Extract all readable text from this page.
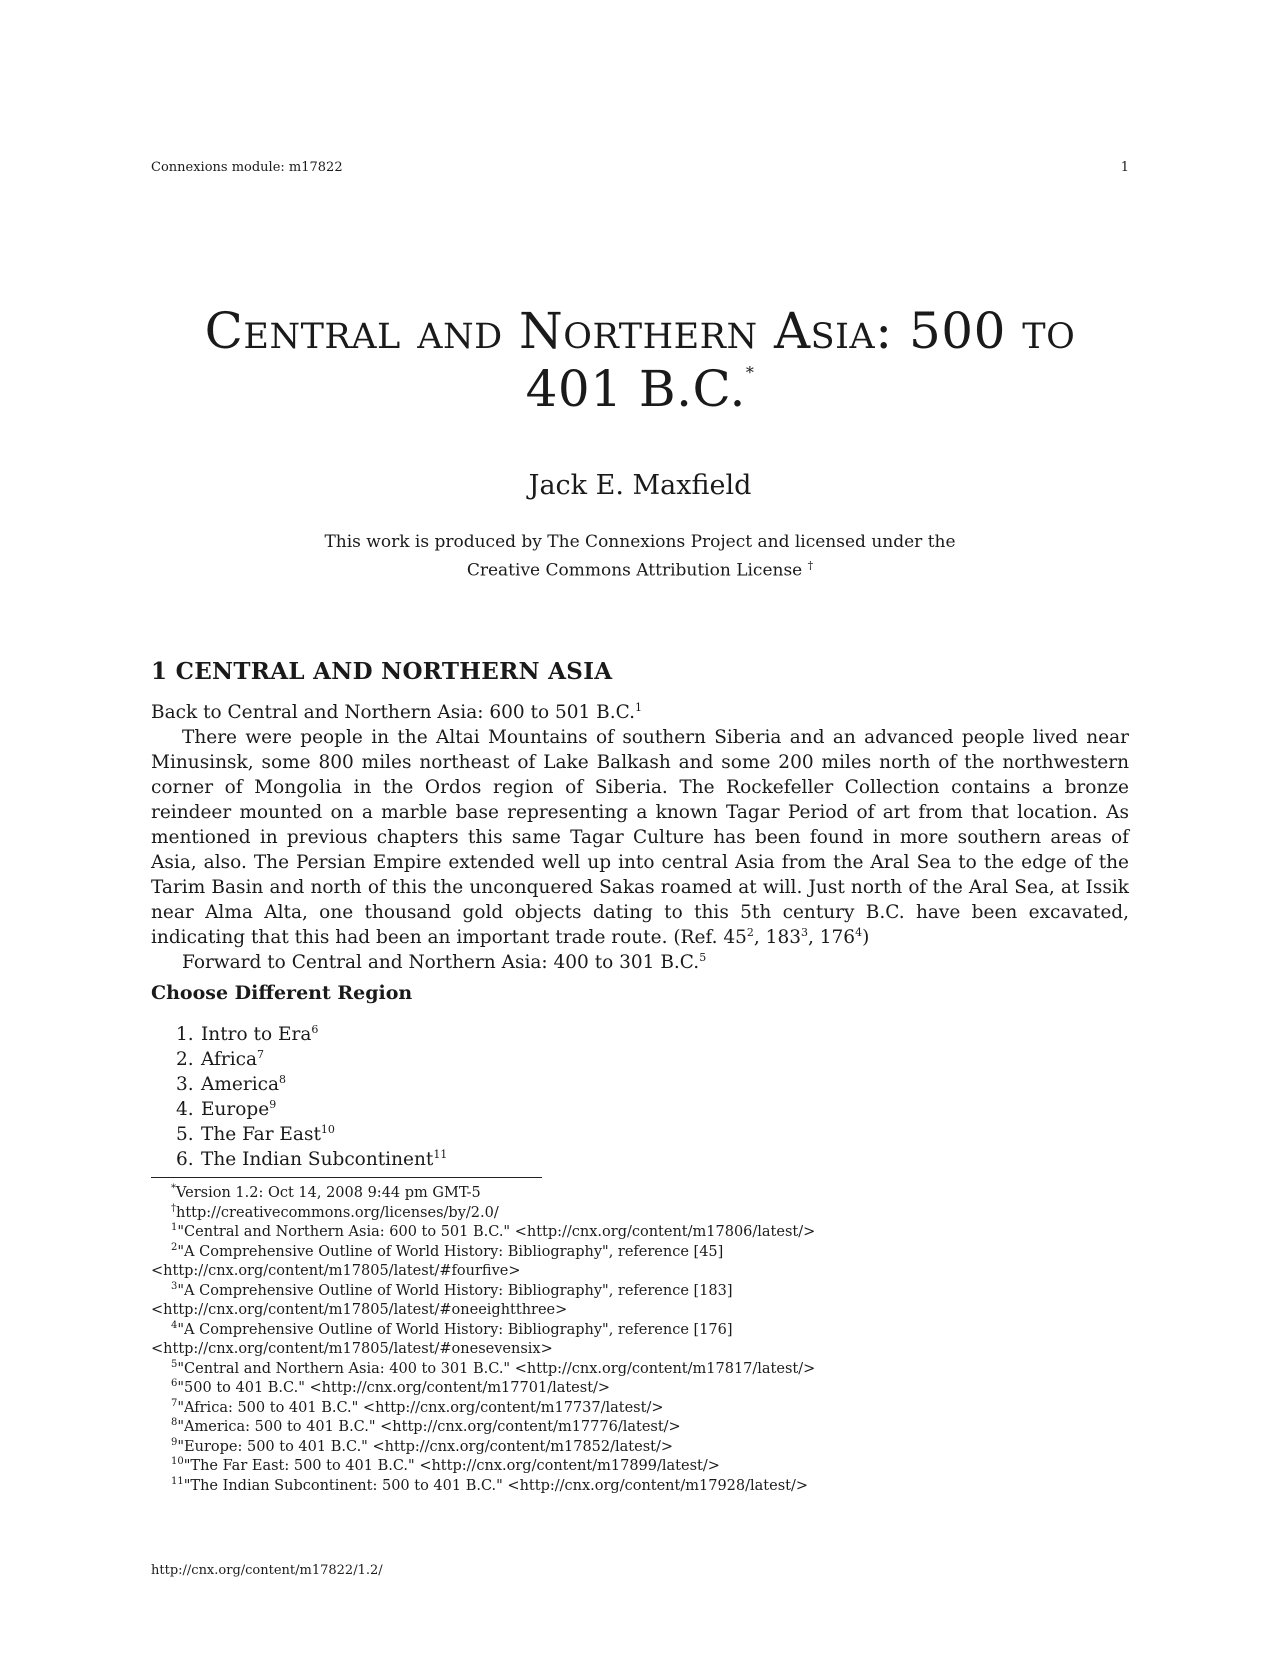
Connexions module: m17822	1
Central and Northern Asia: 500 to
401 B.C.*
Jack E. Maxfield
This work is produced by The Connexions Project and licensed under the
Creative Commons Attribution License †
1 CENTRAL AND NORTHERN ASIA

Back to Central and Northern Asia: 600 to 501 B.C.$^1$

There were people in the Altai Mountains of southern Siberia and an advanced people lived near Minusinsk, some 800 miles northeast of Lake Balkash and some 200 miles north of the northwestern corner of Mongolia in the Ordos region of Siberia. The Rockefeller Collection contains a bronze reindeer mounted on a marble base representing a known Tagar Period of art from that location. As mentioned in previous chapters this same Tagar Culture has been found in more southern areas of Asia, also. The Persian Empire extended well up into central Asia from the Aral Sea to the edge of the Tarim Basin and north of this the unconquered Sakas roamed at will. Just north of the Aral Sea, at Issik near Alma Alta, one thousand gold objects dating to this 5th century B.C. have been excavated, indicating that this had been an important trade route. (Ref. $45^2$, $183^3$, $176^4$)

Forward to Central and Northern Asia: 400 to 301 B.C.$^5$

Choose Different Region
1. Intro to Era$^6$
2. Africa$^7$
3. America$^8$
4. Europe$^9$
5. The Far East$^{10}$
6. The Indian Subcontinent$^{11}$
*Version 1.2: Oct 14, 2008 9:44 pm GMT-5
†http://creativecommons.org/licenses/by/2.0/
$^1$"Central and Northern Asia: 600 to 501 B.C." <http://cnx.org/content/m17806/latest/>
$^2$"A Comprehensive Outline of World History: Bibliography", reference [45]
<http://cnx.org/content/m17805/latest/#fourfive>
$^3$"A Comprehensive Outline of World History: Bibliography", reference [183]
<http://cnx.org/content/m17805/latest/#oneeightthree>
$^4$"A Comprehensive Outline of World History: Bibliography", reference [176]
<http://cnx.org/content/m17805/latest/#onesevensix>
$^5$"Central and Northern Asia: 400 to 301 B.C." <http://cnx.org/content/m17817/latest/>
$^6$"500 to 401 B.C." <http://cnx.org/content/m17701/latest/>
$^7$"Africa: 500 to 401 B.C." <http://cnx.org/content/m17737/latest/>
$^8$"America: 500 to 401 B.C." <http://cnx.org/content/m17776/latest/>
$^9$"Europe: 500 to 401 B.C." <http://cnx.org/content/m17852/latest/>
$^{10}$"The Far East: 500 to 401 B.C." <http://cnx.org/content/m17899/latest/>
$^{11}$"The Indian Subcontinent: 500 to 401 B.C." <http://cnx.org/content/m17928/latest/>
http://cnx.org/content/m17822/1.2/
